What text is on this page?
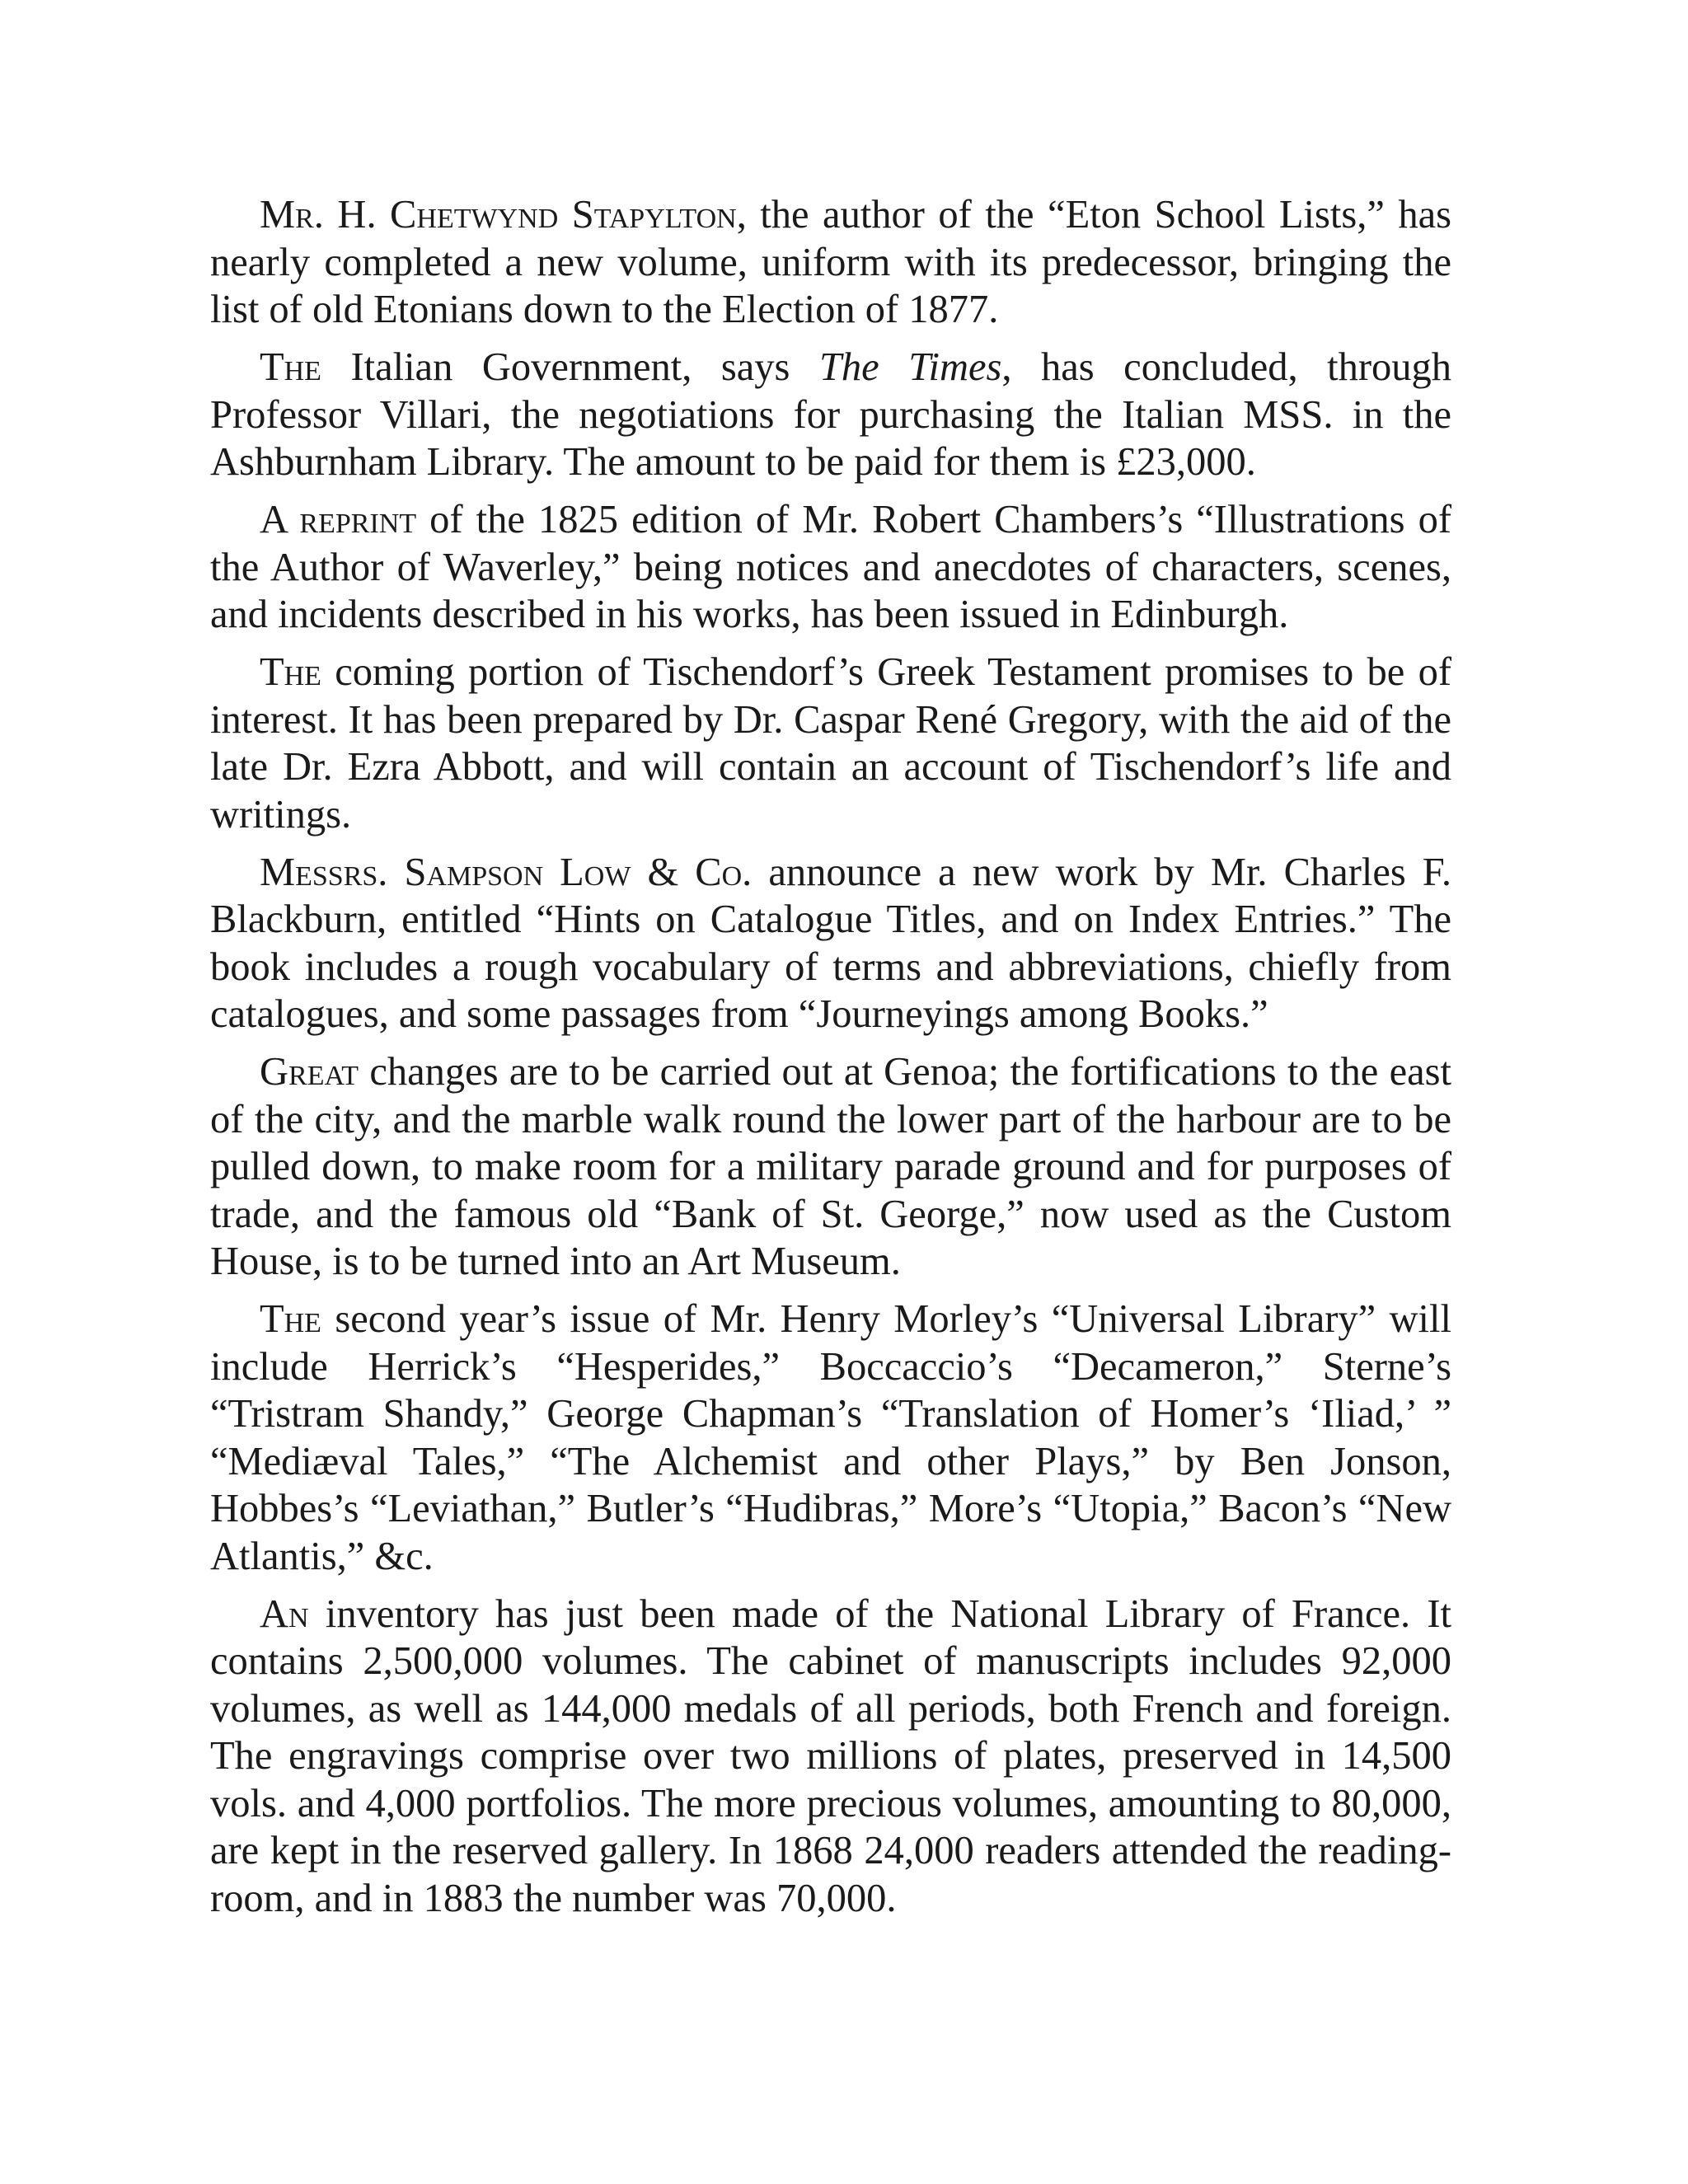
Mr. H. Chetwynd Stapylton, the author of the “Eton School Lists,” has nearly completed a new volume, uniform with its predecessor, bringing the list of old Etonians down to the Election of 1877.

The Italian Government, says The Times, has concluded, through Professor Villari, the negotiations for purchasing the Italian MSS. in the Ashburnham Library. The amount to be paid for them is £23,000.

A reprint of the 1825 edition of Mr. Robert Chambers’s “Illustrations of the Author of Waverley,” being notices and anecdotes of characters, scenes, and incidents described in his works, has been issued in Edinburgh.

The coming portion of Tischendorf’s Greek Testament promises to be of interest. It has been prepared by Dr. Caspar René Gregory, with the aid of the late Dr. Ezra Abbott, and will contain an account of Tischendorf’s life and writings.

Messrs. Sampson Low & Co. announce a new work by Mr. Charles F. Blackburn, entitled “Hints on Catalogue Titles, and on Index Entries.” The book includes a rough vocabulary of terms and abbreviations, chiefly from catalogues, and some passages from “Journeyings among Books.”

Great changes are to be carried out at Genoa; the fortifications to the east of the city, and the marble walk round the lower part of the harbour are to be pulled down, to make room for a military parade ground and for purposes of trade, and the famous old “Bank of St. George,” now used as the Custom House, is to be turned into an Art Museum.

The second year’s issue of Mr. Henry Morley’s “Universal Library” will include Herrick’s “Hesperides,” Boccaccio’s “Decameron,” Sterne’s “Tristram Shandy,” George Chapman’s “Translation of Homer’s ‘Iliad,’ ” “Mediæval Tales,” “The Alchemist and other Plays,” by Ben Jonson, Hobbes’s “Leviathan,” Butler’s “Hudibras,” More’s “Utopia,” Bacon’s “New Atlantis,” &c.

An inventory has just been made of the National Library of France. It contains 2,500,000 volumes. The cabinet of manuscripts includes 92,000 volumes, as well as 144,000 medals of all periods, both French and foreign. The engravings comprise over two millions of plates, preserved in 14,500 vols. and 4,000 portfolios. The more precious volumes, amounting to 80,000, are kept in the reserved gallery. In 1868 24,000 readers attended the reading-room, and in 1883 the number was 70,000.
